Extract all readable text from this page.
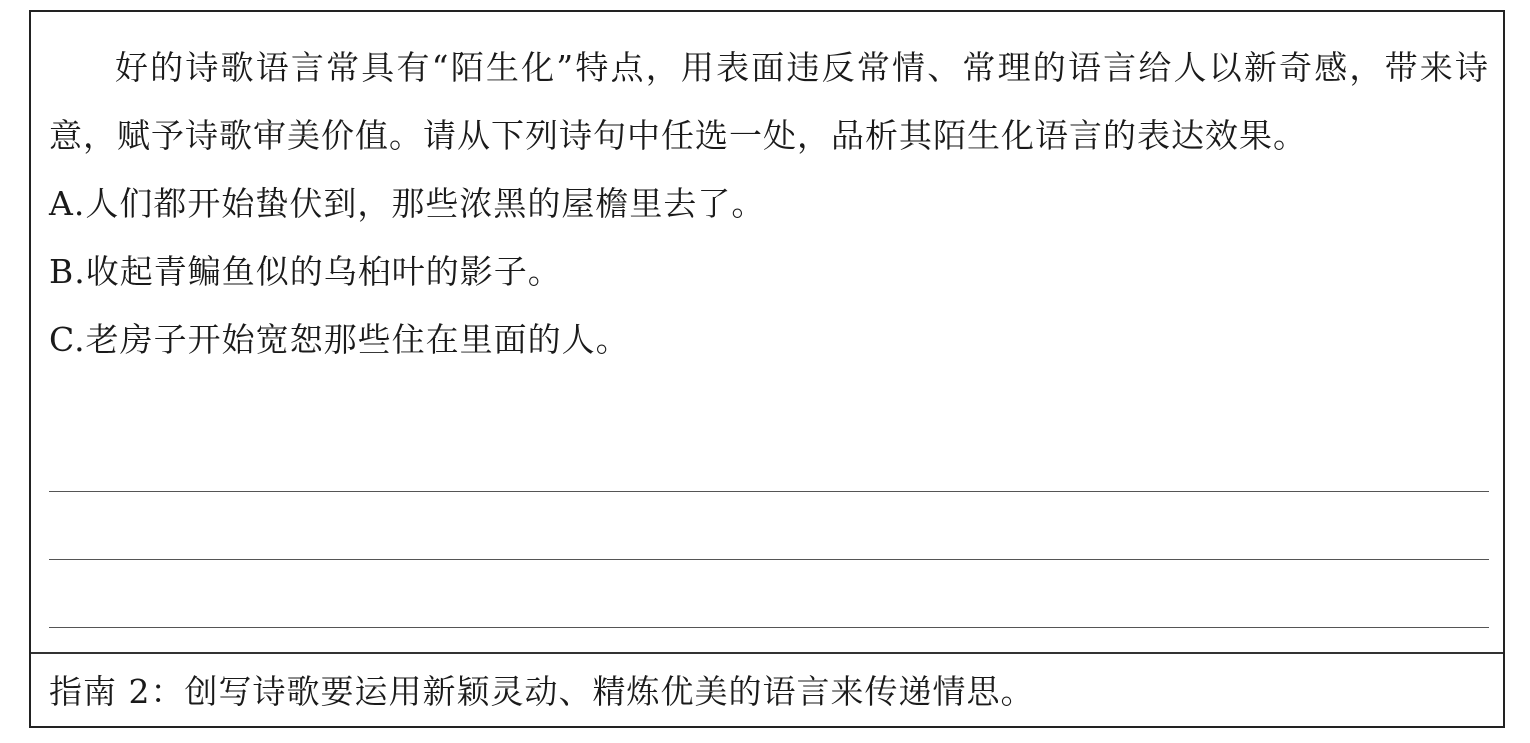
好的诗歌语言常具有“陌生化”特点，用表面违反常情、常理的语言给人以新奇感，带来诗意，赋予诗歌审美价值。请从下列诗句中任选一处，品析其陌生化语言的表达效果。

A.人们都开始蛰伏到，那些浓黑的屋檐里去了。

B.收起青鳊鱼似的乌桕叶的影子。

C.老房子开始宽恕那些住在里面的人。

指南 2：创写诗歌要运用新颖灵动、精炼优美的语言来传递情思。
